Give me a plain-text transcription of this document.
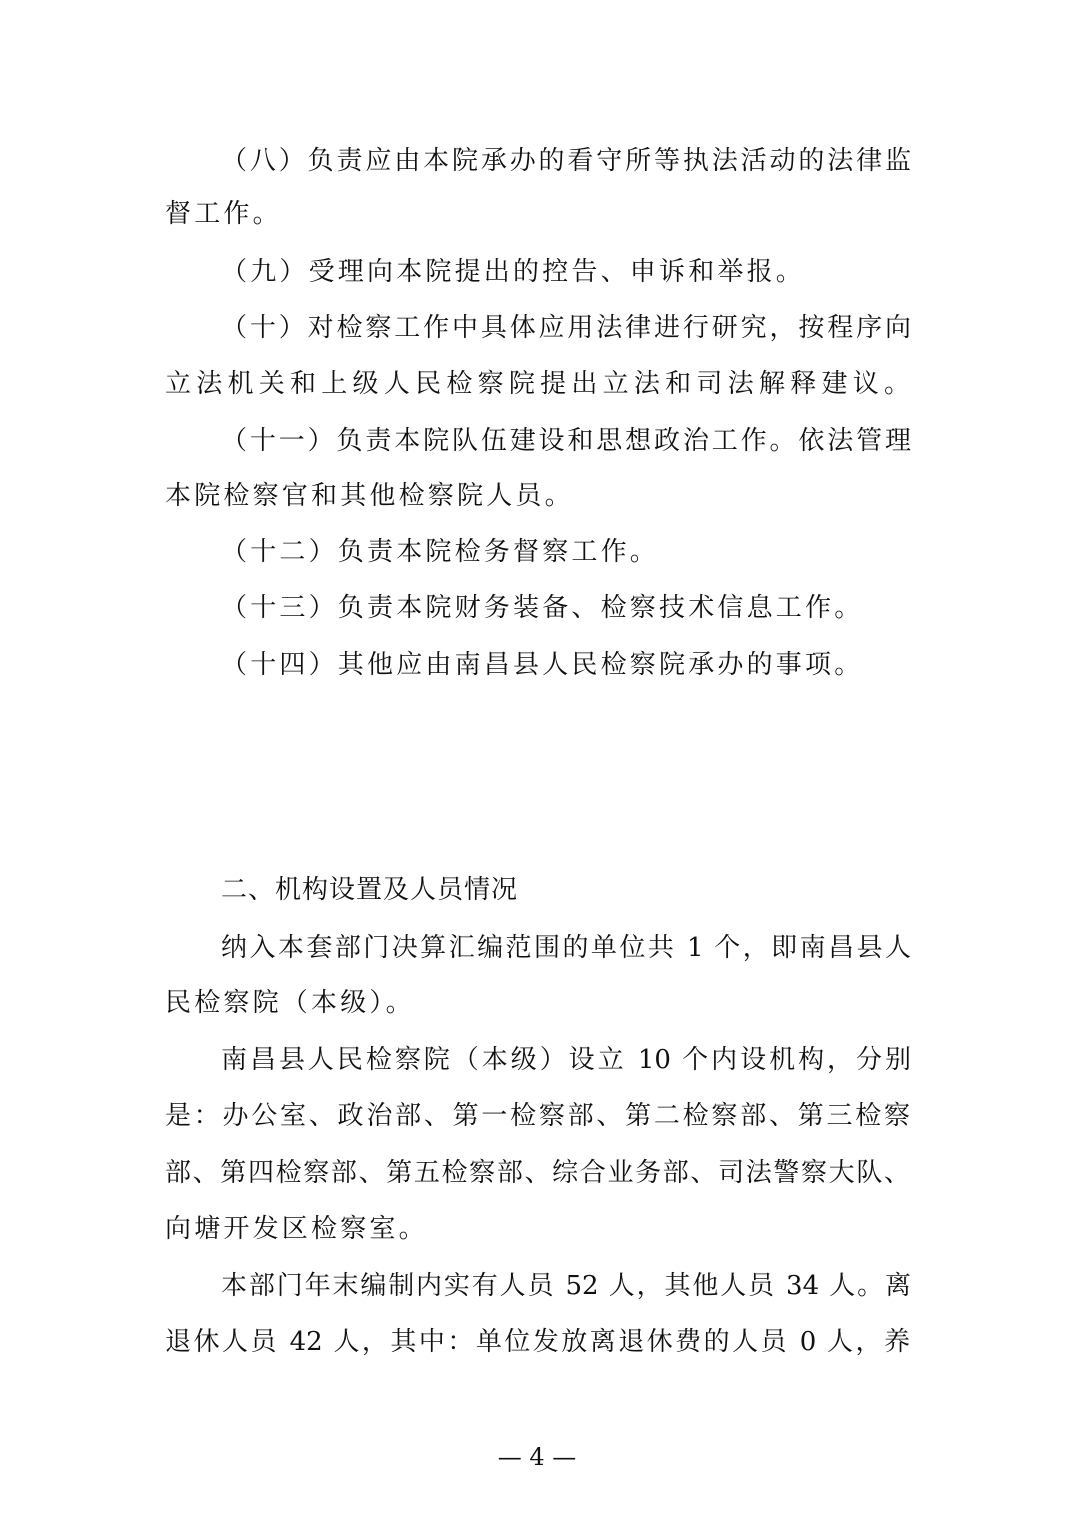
（八）负责应由本院承办的看守所等执法活动的法律监
督工作。
（九）受理向本院提出的控告、申诉和举报。
（十）对检察工作中具体应用法律进行研究，按程序向
立法机关和上级人民检察院提出立法和司法解释建议。
（十一）负责本院队伍建设和思想政治工作。依法管理
本院检察官和其他检察院人员。
（十二）负责本院检务督察工作。
（十三）负责本院财务装备、检察技术信息工作。
（十四）其他应由南昌县人民检察院承办的事项。
二、机构设置及人员情况
纳入本套部门决算汇编范围的单位共 1 个，即南昌县人
民检察院（本级）。
南昌县人民检察院（本级）设立 10 个内设机构，分别
是：办公室、政治部、第一检察部、第二检察部、第三检察
部、第四检察部、第五检察部、综合业务部、司法警察大队、
向塘开发区检察室。
本部门年末编制内实有人员 52 人，其他人员 34 人。离
退休人员 42 人，其中：单位发放离退休费的人员 0 人，养
— 4 —
